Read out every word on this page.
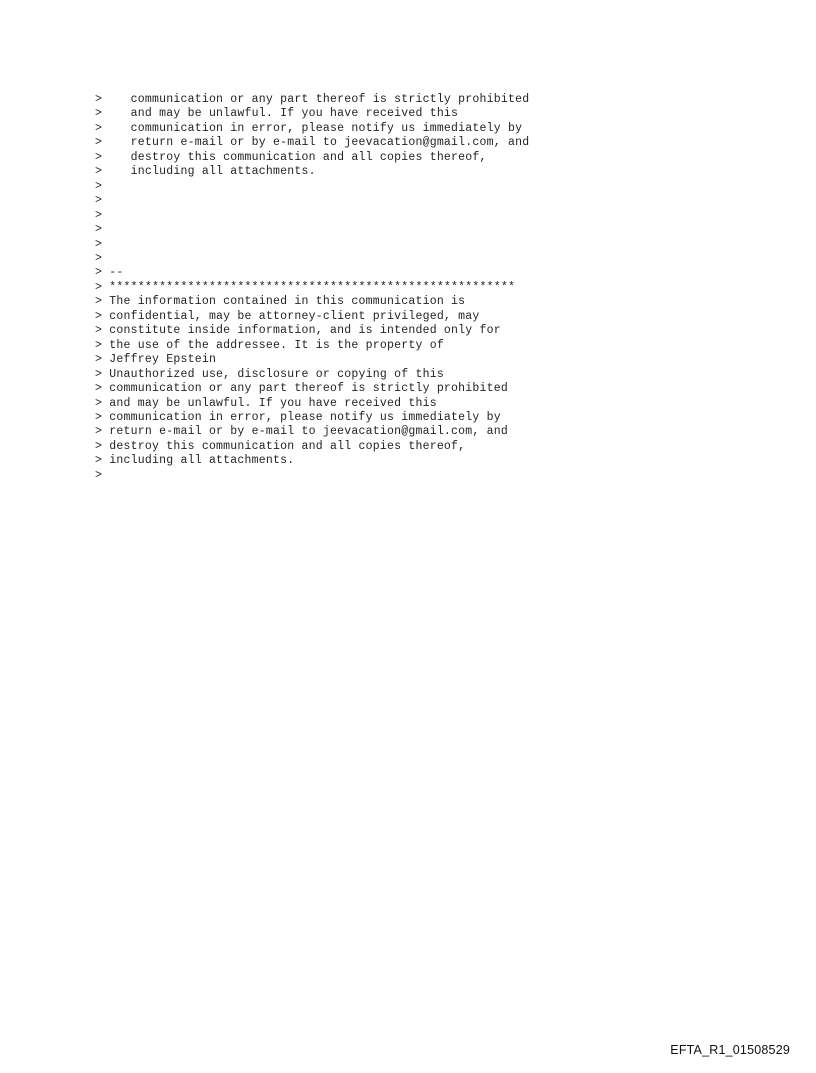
>    communication or any part thereof is strictly prohibited
>    and may be unlawful. If you have received this
>    communication in error, please notify us immediately by
>    return e-mail or by e-mail to jeevacation@gmail.com, and
>    destroy this communication and all copies thereof,
>    including all attachments.
>
>
>
>
>
>
> --
> *********************************************************
> The information contained in this communication is
> confidential, may be attorney-client privileged, may
> constitute inside information, and is intended only for
> the use of the addressee. It is the property of
> Jeffrey Epstein
> Unauthorized use, disclosure or copying of this
> communication or any part thereof is strictly prohibited
> and may be unlawful. If you have received this
> communication in error, please notify us immediately by
> return e-mail or by e-mail to jeevacation@gmail.com, and
> destroy this communication and all copies thereof,
> including all attachments.
>
EFTA_R1_01508529
